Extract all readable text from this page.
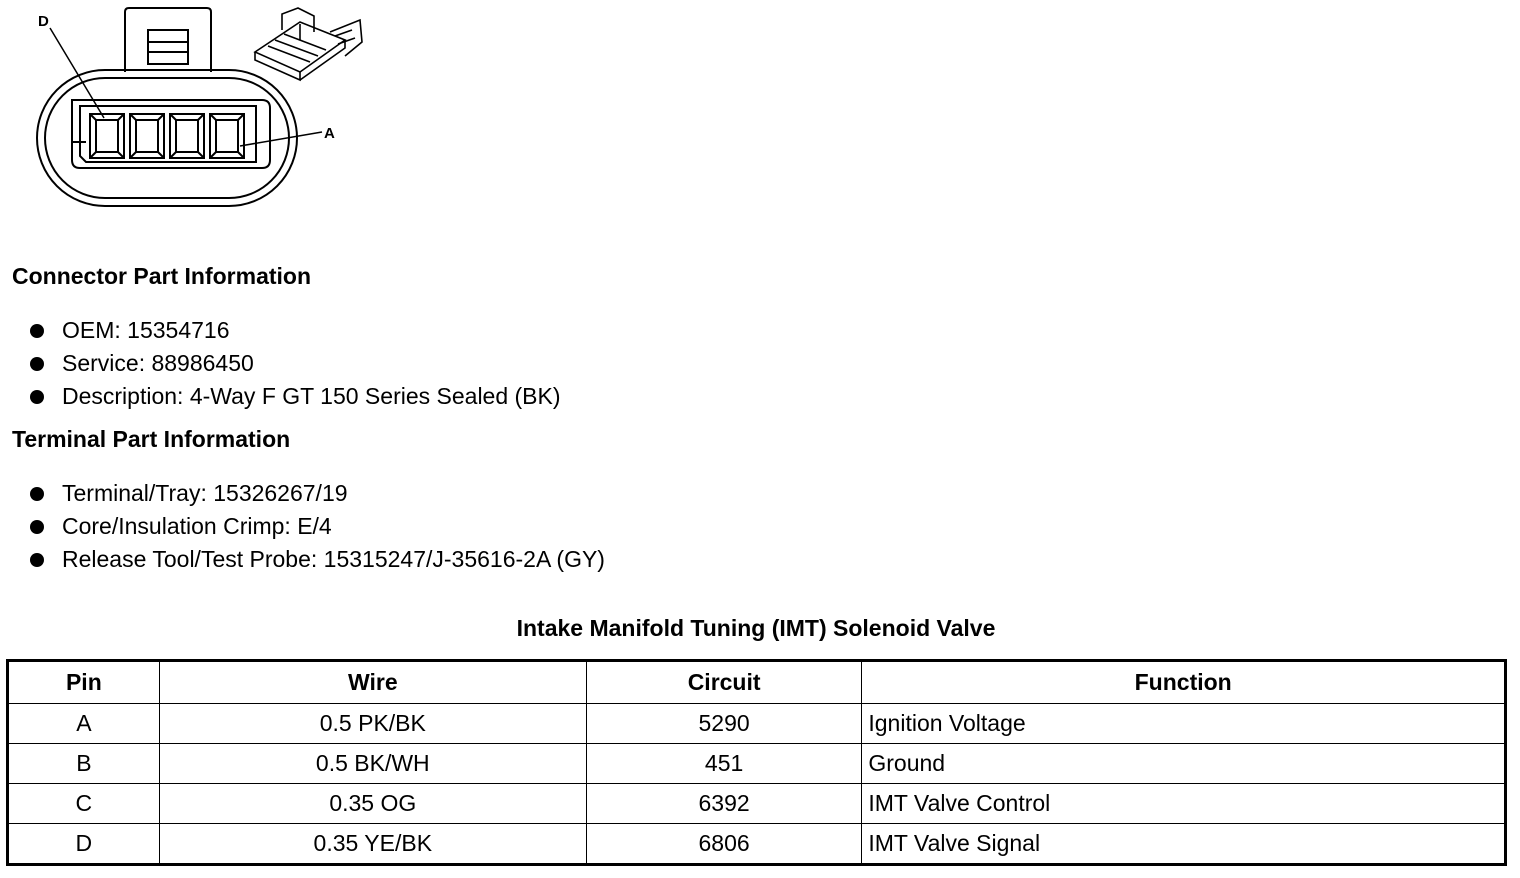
D
A
Connector Part Information
OEM: 15354716
Service: 88986450
Description: 4-Way F GT 150 Series Sealed (BK)
Terminal Part Information
Terminal/Tray: 15326267/19
Core/Insulation Crimp: E/4
Release Tool/Test Probe: 15315247/J-35616-2A (GY)
Intake Manifold Tuning (IMT) Solenoid Valve
Pin	Wire	Circuit	Function
A	0.5 PK/BK	5290	Ignition Voltage
B	0.5 BK/WH	451	Ground
C	0.35 OG	6392	IMT Valve Control
D	0.35 YE/BK	6806	IMT Valve Signal
